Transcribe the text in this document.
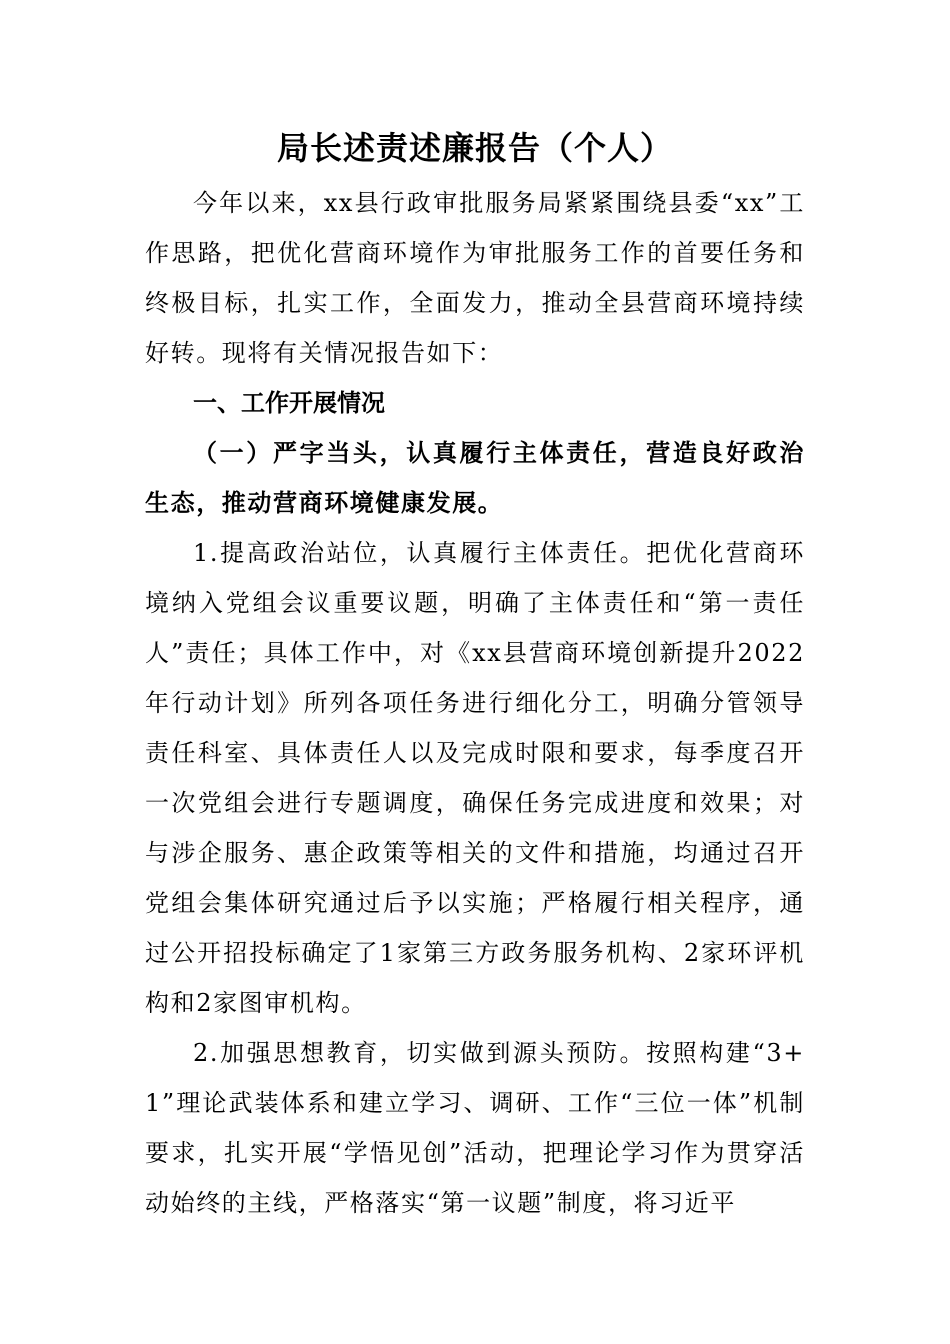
局长述责述廉报告（个人）

今年以来，xx县行政审批服务局紧紧围绕县委“xx”工作思路，把优化营商环境作为审批服务工作的首要任务和终极目标，扎实工作，全面发力，推动全县营商环境持续好转。现将有关情况报告如下：

一、工作开展情况

（一）严字当头，认真履行主体责任，营造良好政治生态，推动营商环境健康发展。

1.提高政治站位，认真履行主体责任。把优化营商环境纳入党组会议重要议题，明确了主体责任和“第一责任人”责任；具体工作中，对《xx县营商环境创新提升2022年行动计划》所列各项任务进行细化分工，明确分管领导责任科室、具体责任人以及完成时限和要求，每季度召开一次党组会进行专题调度，确保任务完成进度和效果；对与涉企服务、惠企政策等相关的文件和措施，均通过召开党组会集体研究通过后予以实施；严格履行相关程序，通过公开招投标确定了1家第三方政务服务机构、2家环评机构和2家图审机构。

2.加强思想教育，切实做到源头预防。按照构建“3+1”理论武装体系和建立学习、调研、工作“三位一体”机制要求，扎实开展“学悟见创”活动，把理论学习作为贯穿活动始终的主线，严格落实“第一议题”制度，将习近平
